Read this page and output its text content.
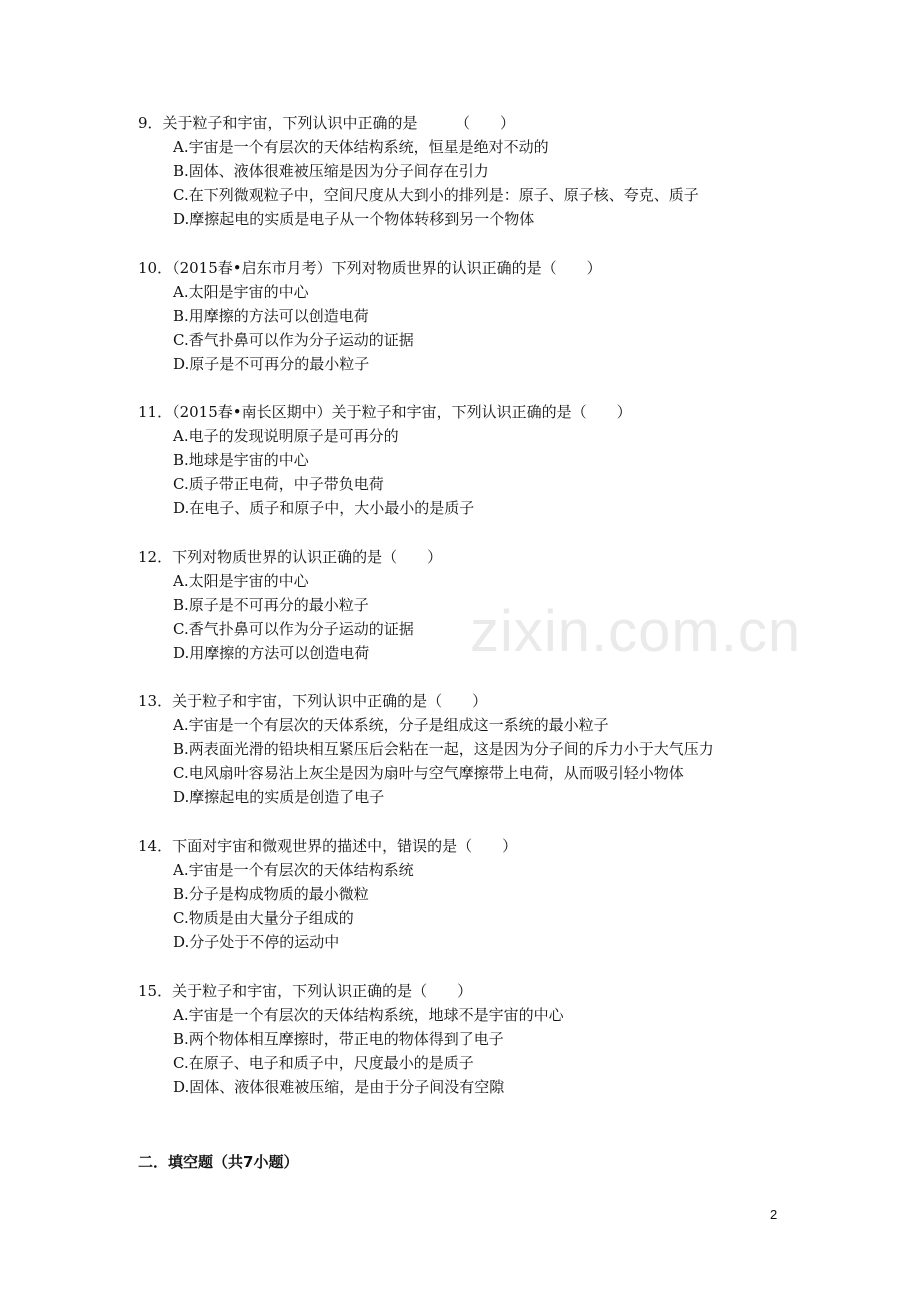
9．关于粒子和宇宙，下列认识中正确的是　　　（　　）
A.宇宙是一个有层次的天体结构系统，恒星是绝对不动的
B.固体、液体很难被压缩是因为分子间存在引力
C.在下列微观粒子中，空间尺度从大到小的排列是：原子、原子核、夸克、质子
D.摩擦起电的实质是电子从一个物体转移到另一个物体
10．（2015春•启东市月考）下列对物质世界的认识正确的是（　　）
A.太阳是宇宙的中心
B.用摩擦的方法可以创造电荷
C.香气扑鼻可以作为分子运动的证据
D.原子是不可再分的最小粒子
11．（2015春•南长区期中）关于粒子和宇宙，下列认识正确的是（　　）
A.电子的发现说明原子是可再分的
B.地球是宇宙的中心
C.质子带正电荷，中子带负电荷
D.在电子、质子和原子中，大小最小的是质子
12．下列对物质世界的认识正确的是（　　）
A.太阳是宇宙的中心
B.原子是不可再分的最小粒子
C.香气扑鼻可以作为分子运动的证据
D.用摩擦的方法可以创造电荷
13．关于粒子和宇宙，下列认识中正确的是（　　）
A.宇宙是一个有层次的天体系统，分子是组成这一系统的最小粒子
B.两表面光滑的铅块相互紧压后会粘在一起，这是因为分子间的斥力小于大气压力
C.电风扇叶容易沾上灰尘是因为扇叶与空气摩擦带上电荷，从而吸引轻小物体
D.摩擦起电的实质是创造了电子
14．下面对宇宙和微观世界的描述中，错误的是（　　）
A.宇宙是一个有层次的天体结构系统
B.分子是构成物质的最小微粒
C.物质是由大量分子组成的
D.分子处于不停的运动中
15．关于粒子和宇宙，下列认识正确的是（　　）
A.宇宙是一个有层次的天体结构系统，地球不是宇宙的中心
B.两个物体相互摩擦时，带正电的物体得到了电子
C.在原子、电子和质子中，尺度最小的是质子
D.固体、液体很难被压缩，是由于分子间没有空隙
二．填空题（共7小题）
zixin.com.cn
2
